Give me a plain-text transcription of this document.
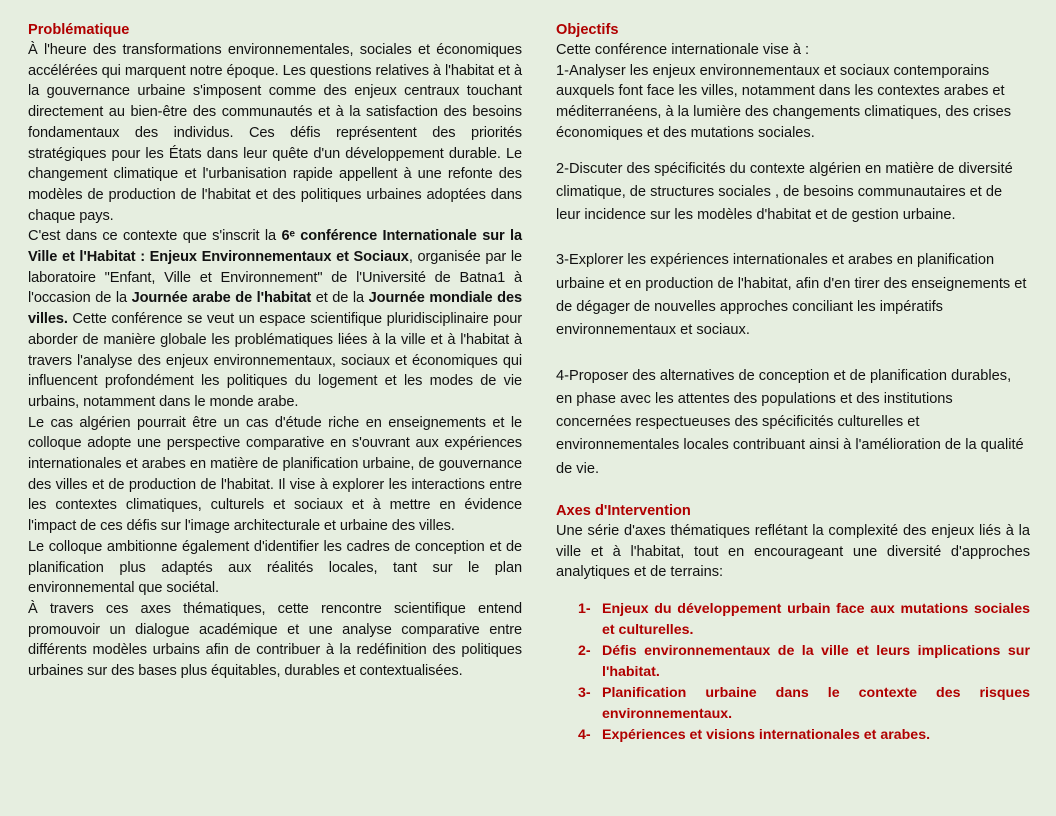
Problématique

À l'heure des transformations environnementales, sociales et économiques accélérées qui marquent notre époque. Les questions relatives à l'habitat et à la gouvernance urbaine s'imposent comme des enjeux centraux touchant directement au bien-être des communautés et à la satisfaction des besoins fondamentaux des individus. Ces défis représentent des priorités stratégiques pour les États dans leur quête d'un développement durable. Le changement climatique et l'urbanisation rapide appellent à une refonte des modèles de production de l'habitat et des politiques urbaines adoptées dans chaque pays.

C'est dans ce contexte que s'inscrit la 6ᵉ conférence Internationale sur la Ville et l'Habitat : Enjeux Environnementaux et Sociaux, organisée par le laboratoire "Enfant, Ville et Environnement" de l'Université de Batna1 à l'occasion de la Journée arabe de l'habitat et de la Journée mondiale des villes. Cette conférence se veut un espace scientifique pluridisciplinaire pour aborder de manière globale les problématiques liées à la ville et à l'habitat à travers l'analyse des enjeux environnementaux, sociaux et économiques qui influencent profondément les politiques du logement et les modes de vie urbains, notamment dans le monde arabe.

Le cas algérien pourrait être un cas d'étude riche en enseignements et le colloque adopte une perspective comparative en s'ouvrant aux expériences internationales et arabes en matière de planification urbaine, de gouvernance des villes et de production de l'habitat. Il vise à explorer les interactions entre les contextes climatiques, culturels et sociaux et à mettre en évidence l'impact de ces défis sur l'image architecturale et urbaine des villes.

Le colloque ambitionne également d'identifier les cadres de conception et de planification plus adaptés aux réalités locales, tant sur le plan environnemental que sociétal.

À travers ces axes thématiques, cette rencontre scientifique entend promouvoir un dialogue académique et une analyse comparative entre différents modèles urbains afin de contribuer à la redéfinition des politiques urbaines sur des bases plus équitables, durables et contextualisées.

Objectifs

Cette conférence internationale vise à :

1-Analyser les enjeux environnementaux et sociaux contemporains auxquels font face les villes, notamment dans les contextes arabes et méditerranéens, à la lumière des changements climatiques, des crises économiques et des mutations sociales.

2-Discuter des spécificités du contexte algérien en matière de diversité climatique, de structures sociales , de besoins communautaires et de leur incidence sur les modèles d'habitat et de gestion urbaine.

3-Explorer les expériences internationales et arabes en planification urbaine et en production de l'habitat, afin d'en tirer des enseignements et de dégager de nouvelles approches conciliant les impératifs environnementaux et sociaux.

4-Proposer des alternatives de conception et de planification durables, en phase avec les attentes des populations et des institutions concernées respectueuses des spécificités culturelles et environnementales locales contribuant ainsi à l'amélioration de la qualité de vie.

Axes d'Intervention

Une série d'axes thématiques reflétant la complexité des enjeux liés à la ville et à l'habitat, tout en encourageant une diversité d'approches analytiques et de terrains:

1- Enjeux du développement urbain face aux mutations sociales et culturelles.
2- Défis environnementaux de la ville et leurs implications sur l'habitat.
3- Planification urbaine dans le contexte des risques environnementaux.
4- Expériences et visions internationales et arabes.
